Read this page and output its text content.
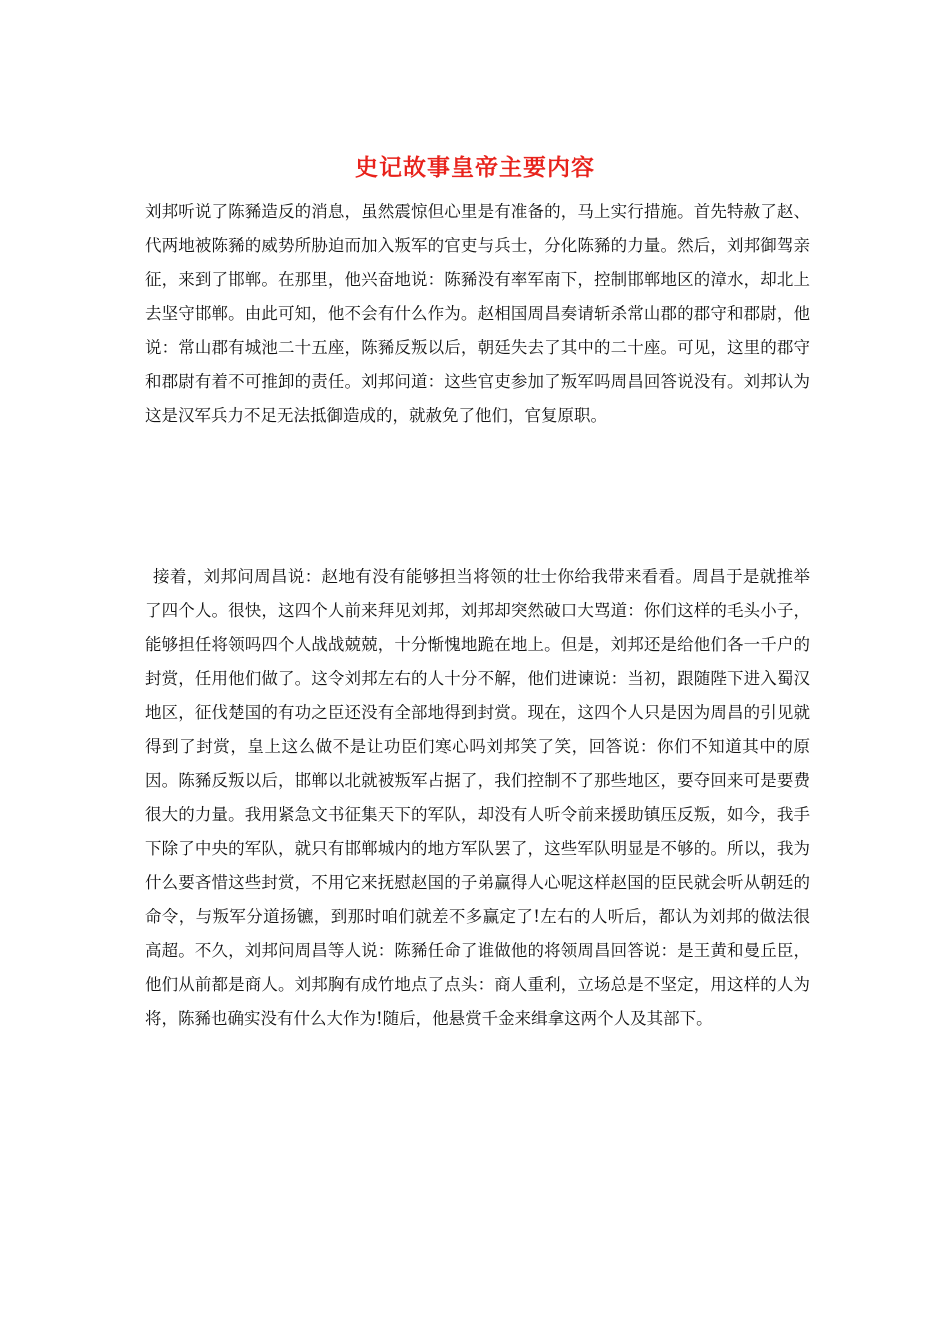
史记故事皇帝主要内容

刘邦听说了陈豨造反的消息，虽然震惊但心里是有准备的，马上实行措施。首先特赦了赵、代两地被陈豨的威势所胁迫而加入叛军的官吏与兵士，分化陈豨的力量。然后，刘邦御驾亲征，来到了邯郸。在那里，他兴奋地说：陈豨没有率军南下，控制邯郸地区的漳水，却北上去坚守邯郸。由此可知，他不会有什么作为。赵相国周昌奏请斩杀常山郡的郡守和郡尉，他说：常山郡有城池二十五座，陈豨反叛以后，朝廷失去了其中的二十座。可见，这里的郡守和郡尉有着不可推卸的责任。刘邦问道：这些官吏参加了叛军吗周昌回答说没有。刘邦认为这是汉军兵力不足无法抵御造成的，就赦免了他们，官复原职。

接着，刘邦问周昌说：赵地有没有能够担当将领的壮士你给我带来看看。周昌于是就推举了四个人。很快，这四个人前来拜见刘邦，刘邦却突然破口大骂道：你们这样的毛头小子，能够担任将领吗四个人战战兢兢，十分惭愧地跪在地上。但是，刘邦还是给他们各一千户的封赏，任用他们做了。这令刘邦左右的人十分不解，他们进谏说：当初，跟随陛下进入蜀汉地区，征伐楚国的有功之臣还没有全部地得到封赏。现在，这四个人只是因为周昌的引见就得到了封赏，皇上这么做不是让功臣们寒心吗刘邦笑了笑，回答说：你们不知道其中的原因。陈豨反叛以后，邯郸以北就被叛军占据了，我们控制不了那些地区，要夺回来可是要费很大的力量。我用紧急文书征集天下的军队，却没有人听令前来援助镇压反叛，如今，我手下除了中央的军队，就只有邯郸城内的地方军队罢了，这些军队明显是不够的。所以，我为什么要吝惜这些封赏，不用它来抚慰赵国的子弟赢得人心呢这样赵国的臣民就会听从朝廷的命令，与叛军分道扬镳，到那时咱们就差不多赢定了!左右的人听后，都认为刘邦的做法很高超。不久，刘邦问周昌等人说：陈豨任命了谁做他的将领周昌回答说：是王黄和曼丘臣，他们从前都是商人。刘邦胸有成竹地点了点头：商人重利，立场总是不坚定，用这样的人为将，陈豨也确实没有什么大作为!随后，他悬赏千金来缉拿这两个人及其部下。
